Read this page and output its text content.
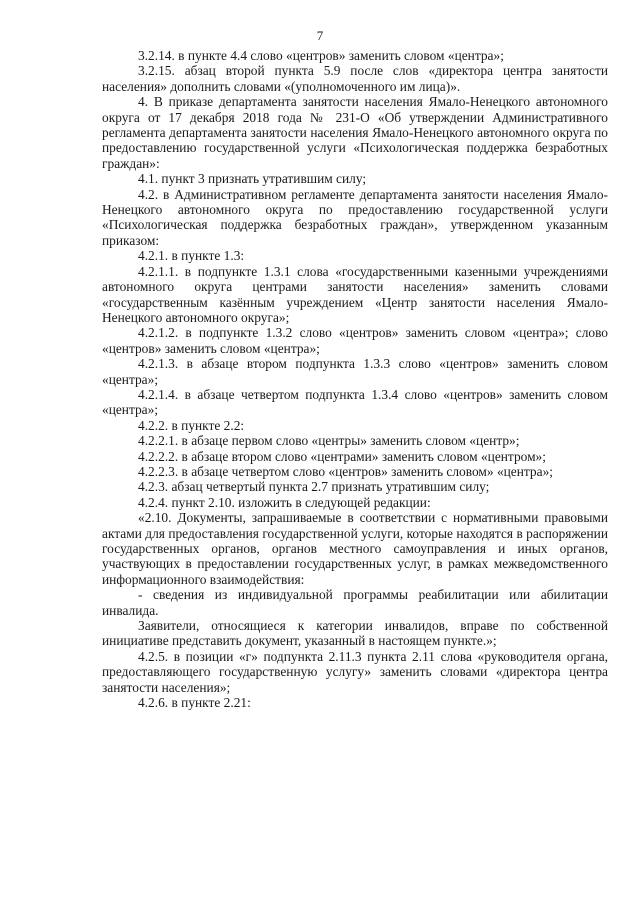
7

3.2.14. в пункте 4.4 слово «центров» заменить словом «центра»;

3.2.15. абзац второй пункта 5.9 после слов «директора центра занятости населения» дополнить словами «(уполномоченного им лица)».

4. В приказе департамента занятости населения Ямало-Ненецкого автономного округа от 17 декабря 2018 года № 231-О «Об утверждении Административного регламента департамента занятости населения Ямало-Ненецкого автономного округа по предоставлению государственной услуги «Психологическая поддержка безработных граждан»:

4.1. пункт 3 признать утратившим силу;

4.2. в Административном регламенте департамента занятости населения Ямало-Ненецкого автономного округа по предоставлению государственной услуги «Психологическая поддержка безработных граждан», утвержденном указанным приказом:

4.2.1. в пункте 1.3:

4.2.1.1. в подпункте 1.3.1 слова «государственными казенными учреждениями автономного округа центрами занятости населения» заменить словами «государственным казённым учреждением «Центр занятости населения Ямало-Ненецкого автономного округа»;

4.2.1.2. в подпункте 1.3.2 слово «центров» заменить словом «центра»; слово «центров» заменить словом «центра»;

4.2.1.3. в абзаце втором подпункта 1.3.3 слово «центров» заменить словом «центра»;

4.2.1.4. в абзаце четвертом подпункта 1.3.4 слово «центров» заменить словом «центра»;

4.2.2. в пункте 2.2:

4.2.2.1. в абзаце первом слово «центры» заменить словом «центр»;

4.2.2.2. в абзаце втором слово «центрами» заменить словом «центром»;

4.2.2.3. в абзаце четвертом слово «центров» заменить словом» «центра»;

4.2.3. абзац четвертый пункта 2.7 признать утратившим силу;

4.2.4. пункт 2.10. изложить в следующей редакции:

«2.10. Документы, запрашиваемые в соответствии с нормативными правовыми актами для предоставления государственной услуги, которые находятся в распоряжении государственных органов, органов местного самоуправления и иных органов, участвующих в предоставлении государственных услуг, в рамках межведомственного информационного взаимодействия:

- сведения из индивидуальной программы реабилитации или абилитации инвалида.

Заявители, относящиеся к категории инвалидов, вправе по собственной инициативе представить документ, указанный в настоящем пункте.»;

4.2.5. в позиции «г» подпункта 2.11.3 пункта 2.11 слова «руководителя органа, предоставляющего государственную услугу» заменить словами «директора центра занятости населения»;

4.2.6. в пункте 2.21:
